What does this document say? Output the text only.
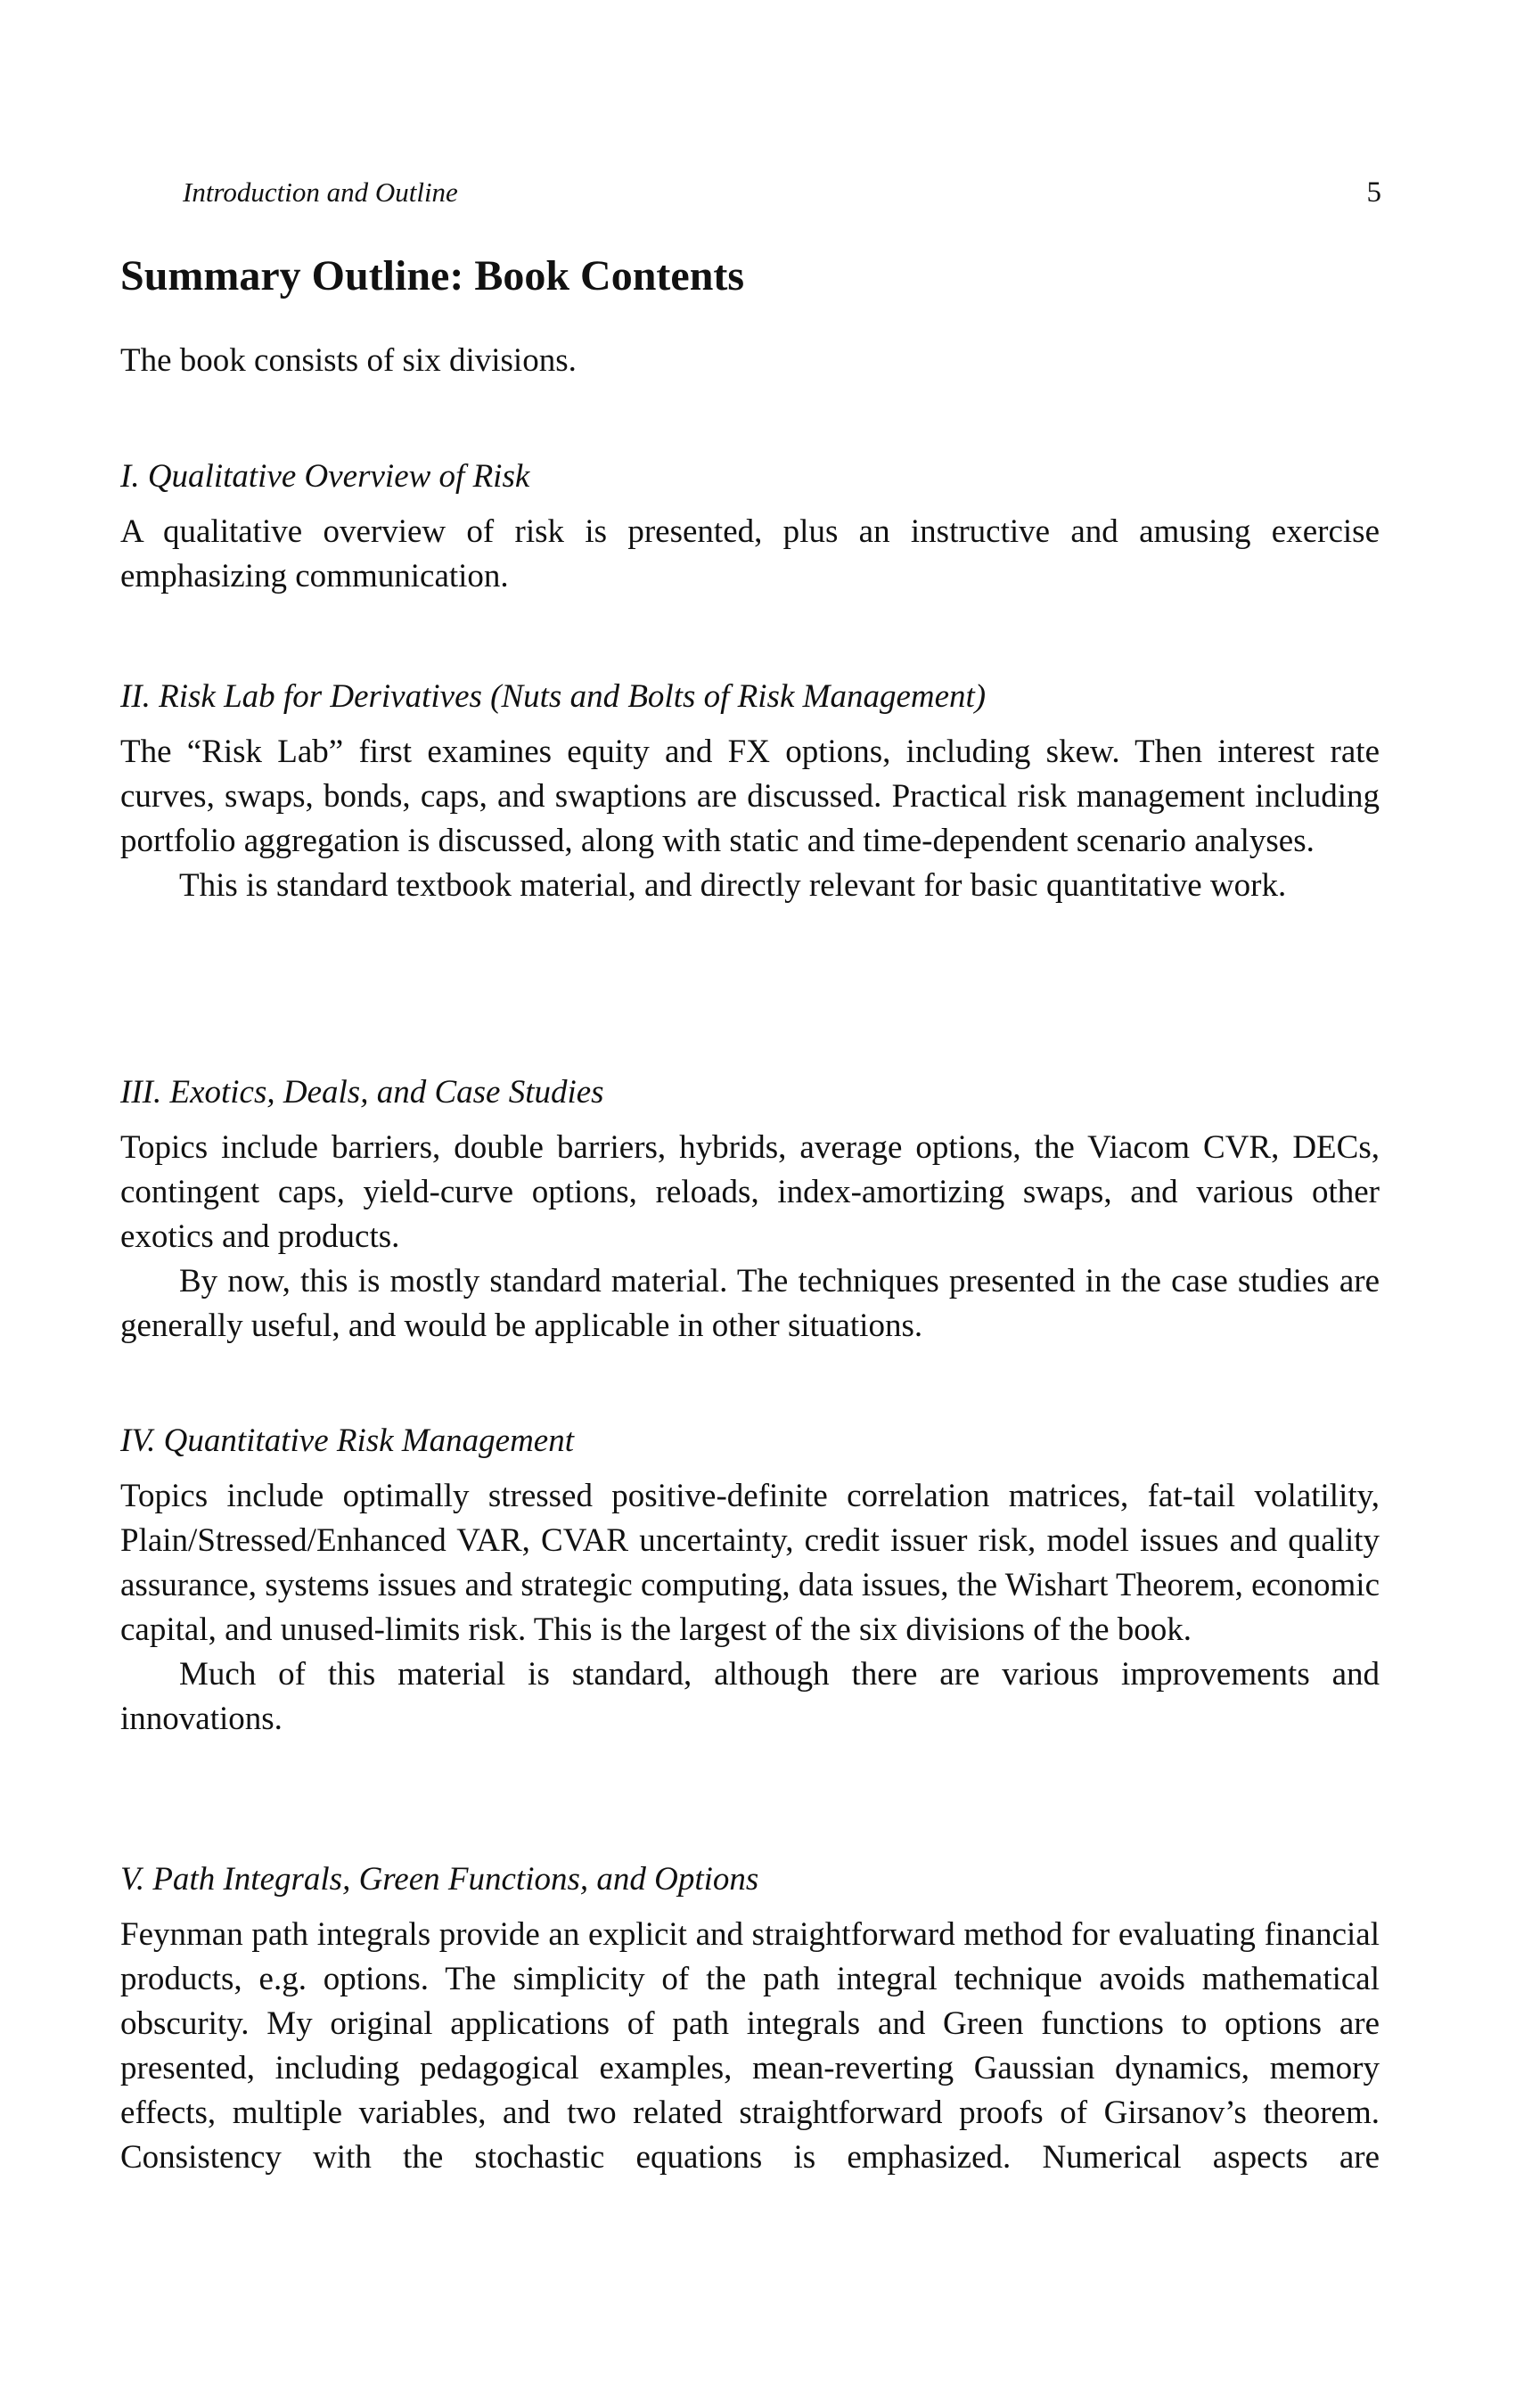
Introduction and Outline	5
Summary Outline: Book Contents

The book consists of six divisions.

I. Qualitative Overview of Risk

A qualitative overview of risk is presented, plus an instructive and amusing exercise emphasizing communication.

II. Risk Lab for Derivatives (Nuts and Bolts of Risk Management)

The “Risk Lab” first examines equity and FX options, including skew. Then interest rate curves, swaps, bonds, caps, and swaptions are discussed. Practical risk management including portfolio aggregation is discussed, along with static and time-dependent scenario analyses.

This is standard textbook material, and directly relevant for basic quantitative work.

III. Exotics, Deals, and Case Studies

Topics include barriers, double barriers, hybrids, average options, the Viacom CVR, DECs, contingent caps, yield-curve options, reloads, index-amortizing swaps, and various other exotics and products.

By now, this is mostly standard material. The techniques presented in the case studies are generally useful, and would be applicable in other situations.

IV. Quantitative Risk Management

Topics include optimally stressed positive-definite correlation matrices, fat-tail volatility, Plain/Stressed/Enhanced VAR, CVAR uncertainty, credit issuer risk, model issues and quality assurance, systems issues and strategic computing, data issues, the Wishart Theorem, economic capital, and unused-limits risk. This is the largest of the six divisions of the book.

Much of this material is standard, although there are various improvements and innovations.

V. Path Integrals, Green Functions, and Options

Feynman path integrals provide an explicit and straightforward method for evaluating financial products, e.g. options. The simplicity of the path integral technique avoids mathematical obscurity. My original applications of path integrals and Green functions to options are presented, including pedagogical examples, mean-reverting Gaussian dynamics, memory effects, multiple variables, and two related straightforward proofs of Girsanov’s theorem. Consistency with the stochastic equations is emphasized. Numerical aspects are
